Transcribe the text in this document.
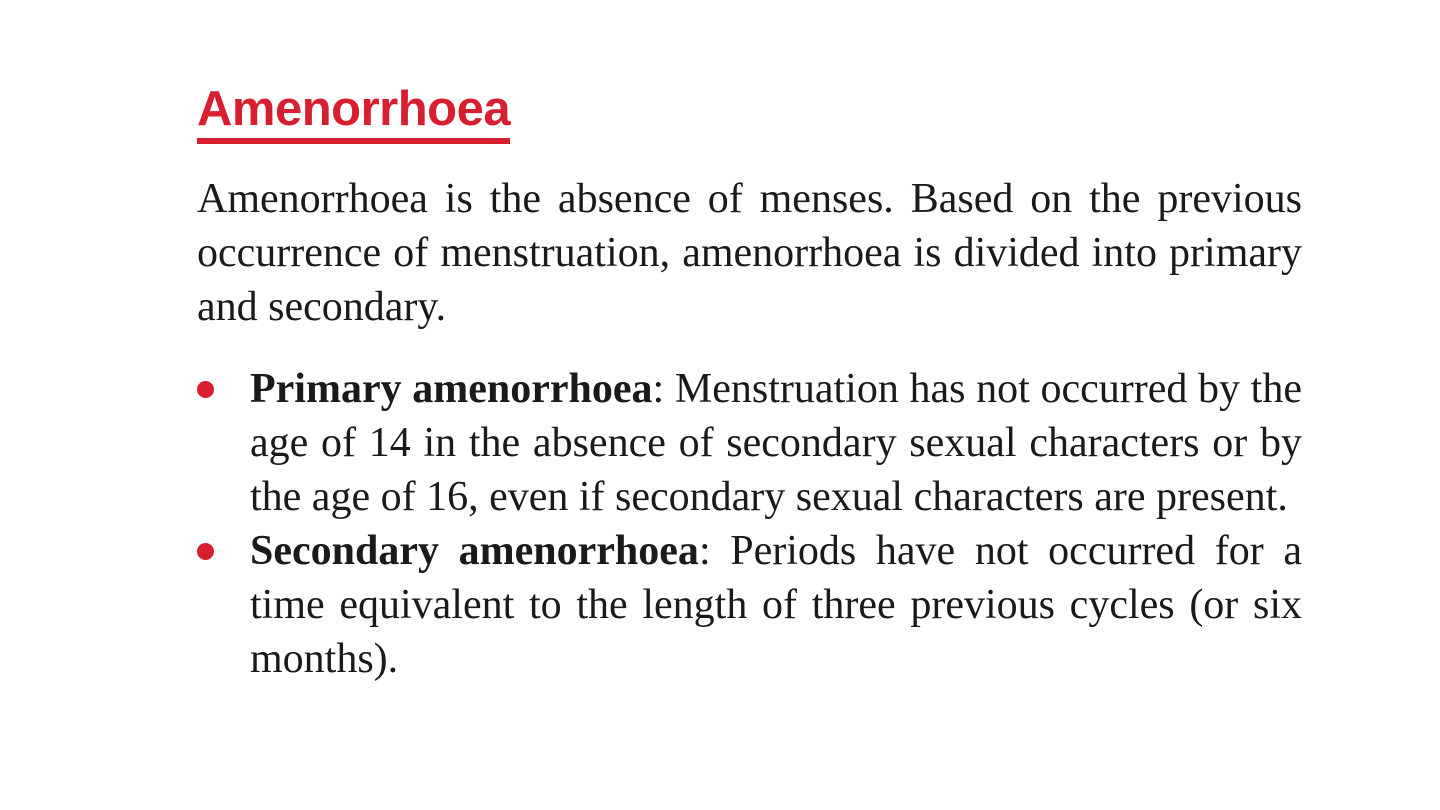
Amenorrhoea

Amenorrhoea is the absence of menses. Based on the previous occurrence of menstruation, amenorrhoea is divided into primary and secondary.

Primary amenorrhoea: Menstruation has not occurred by the age of 14 in the absence of secondary sexual characters or by the age of 16, even if secondary sexual characters are present.
Secondary amenorrhoea: Periods have not occurred for a time equivalent to the length of three previous cycles (or six months).
